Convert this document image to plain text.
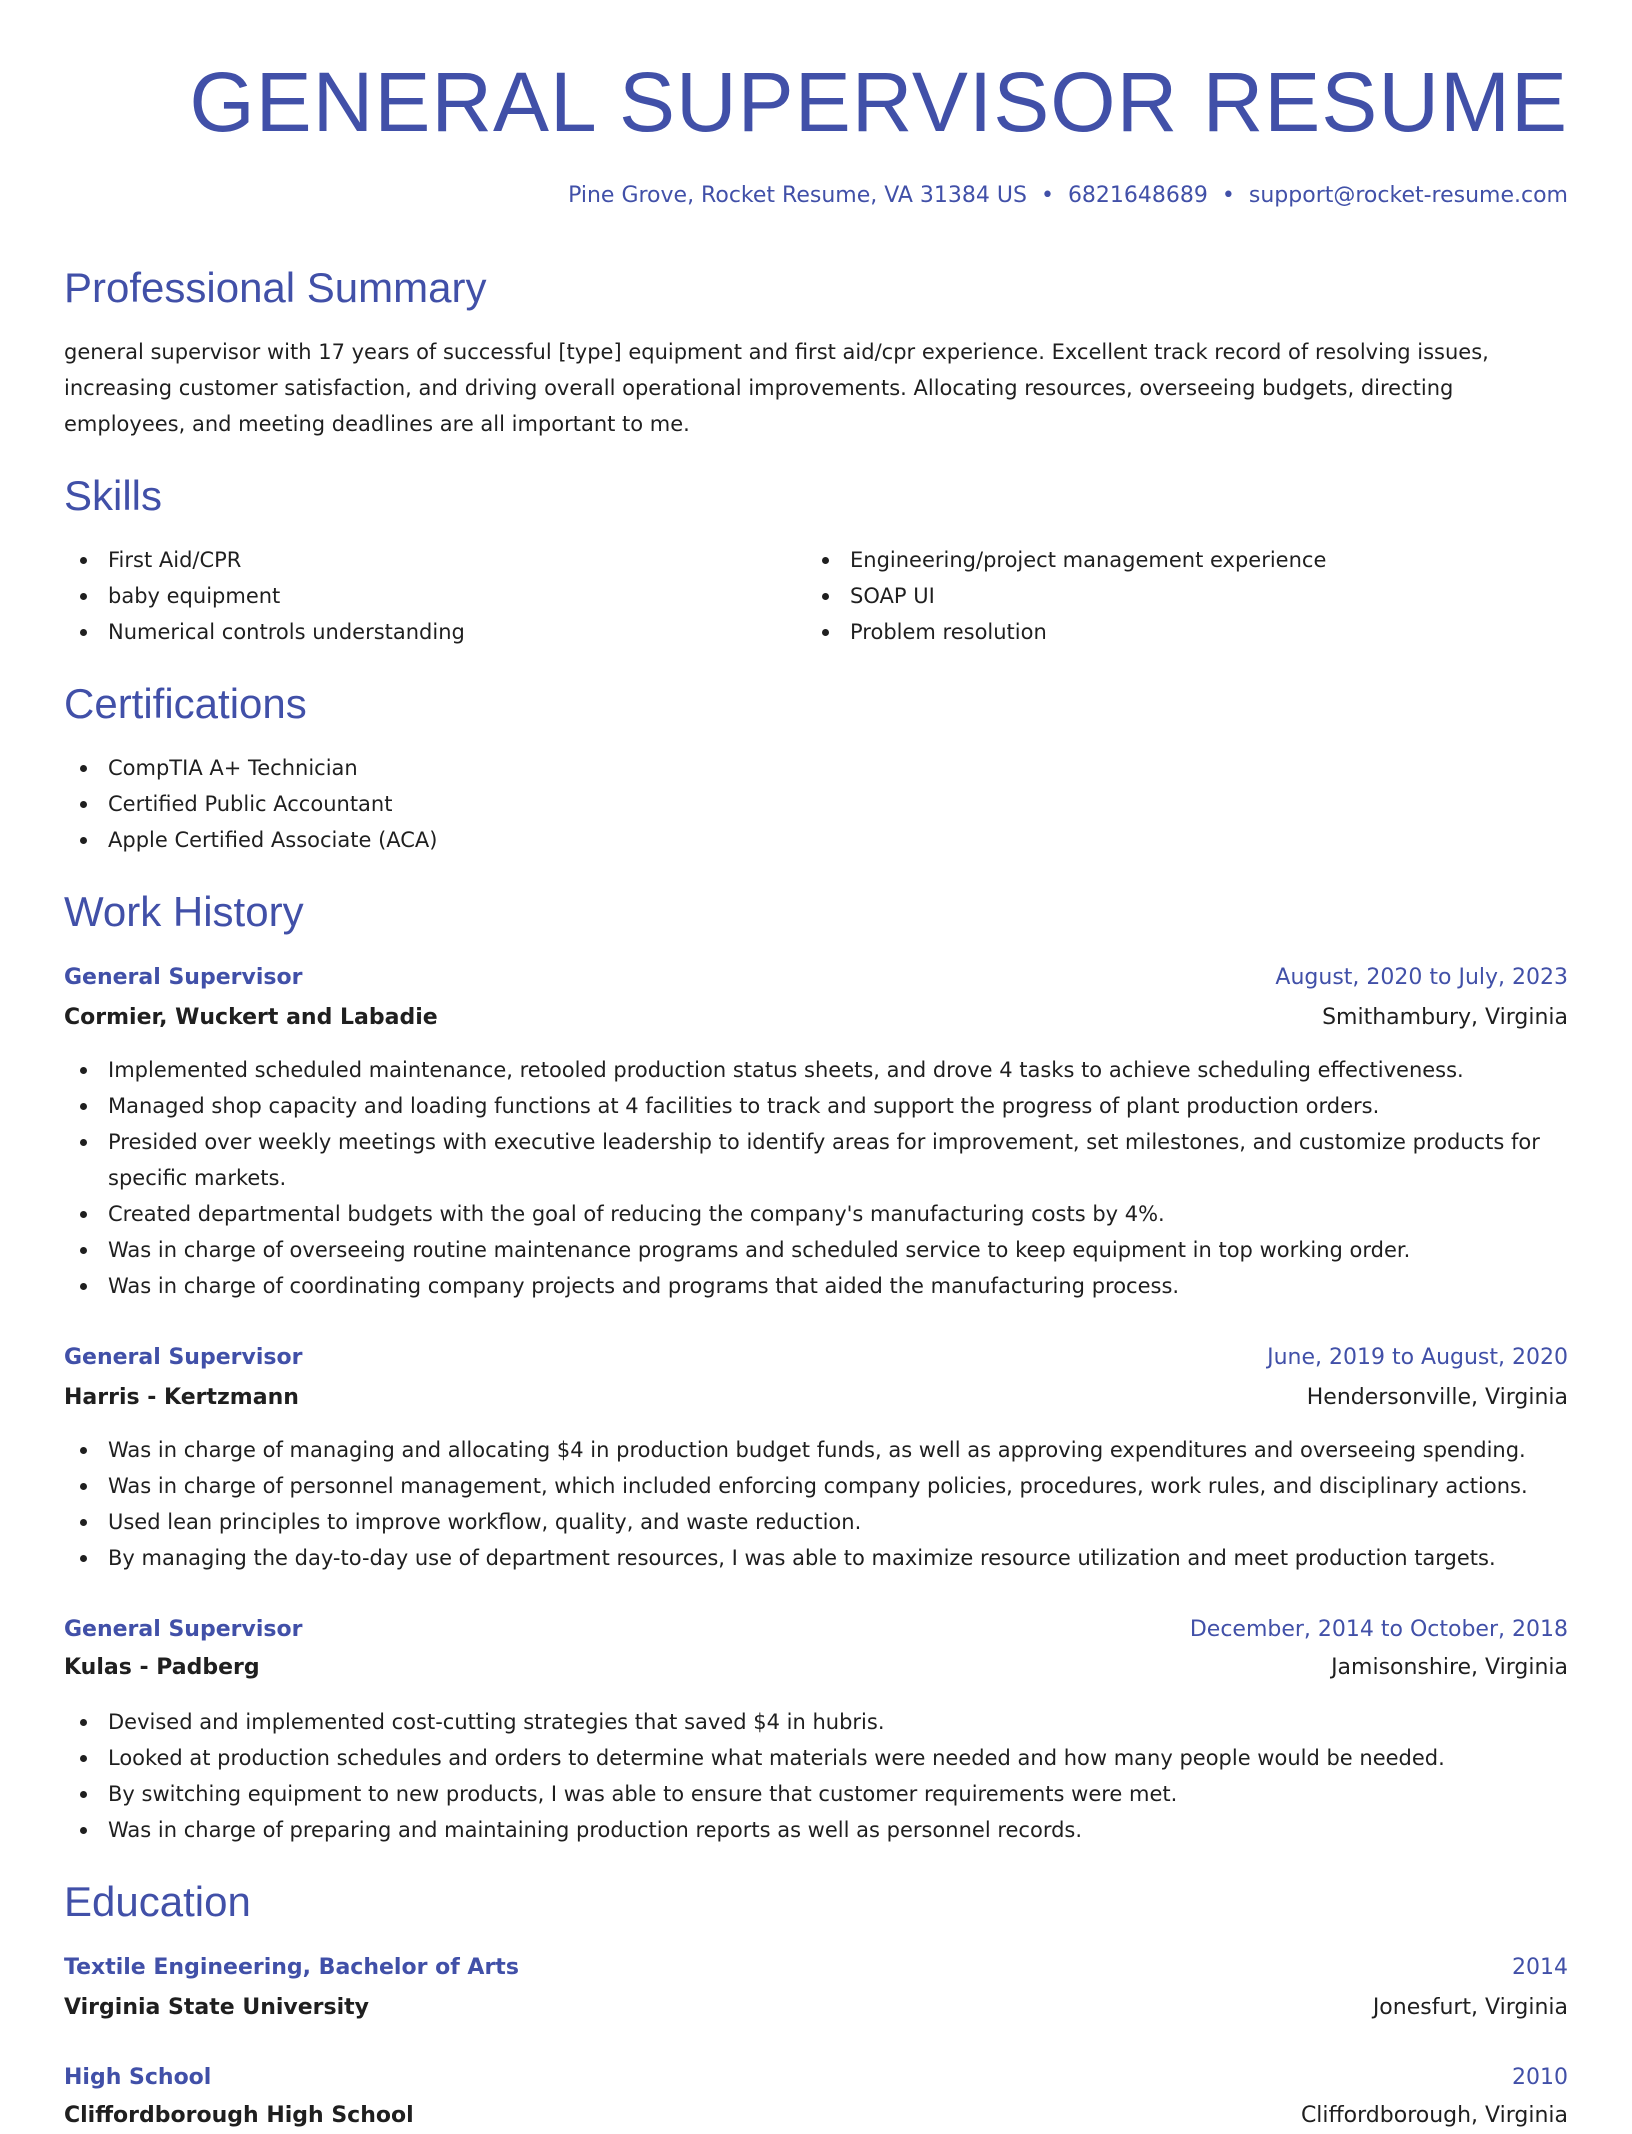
GENERAL SUPERVISOR RESUME
Pine Grove, Rocket Resume, VA 31384 US • 6821648689 • support@rocket-resume.com
Professional Summary
general supervisor with 17 years of successful [type] equipment and first aid/cpr experience. Excellent track record of resolving issues, increasing customer satisfaction, and driving overall operational improvements. Allocating resources, overseeing budgets, directing employees, and meeting deadlines are all important to me.
Skills
First Aid/CPR
baby equipment
Numerical controls understanding
Engineering/project management experience
SOAP UI
Problem resolution
Certifications
CompTIA A+ Technician
Certified Public Accountant
Apple Certified Associate (ACA)
Work History
General Supervisor	August, 2020 to July, 2023
Cormier, Wuckert and Labadie	Smithambury, Virginia
Implemented scheduled maintenance, retooled production status sheets, and drove 4 tasks to achieve scheduling effectiveness.
Managed shop capacity and loading functions at 4 facilities to track and support the progress of plant production orders.
Presided over weekly meetings with executive leadership to identify areas for improvement, set milestones, and customize products for specific markets.
Created departmental budgets with the goal of reducing the company's manufacturing costs by 4%.
Was in charge of overseeing routine maintenance programs and scheduled service to keep equipment in top working order.
Was in charge of coordinating company projects and programs that aided the manufacturing process.
General Supervisor	June, 2019 to August, 2020
Harris - Kertzmann	Hendersonville, Virginia
Was in charge of managing and allocating $4 in production budget funds, as well as approving expenditures and overseeing spending.
Was in charge of personnel management, which included enforcing company policies, procedures, work rules, and disciplinary actions.
Used lean principles to improve workflow, quality, and waste reduction.
By managing the day-to-day use of department resources, I was able to maximize resource utilization and meet production targets.
General Supervisor	December, 2014 to October, 2018
Kulas - Padberg	Jamisonshire, Virginia
Devised and implemented cost-cutting strategies that saved $4 in hubris.
Looked at production schedules and orders to determine what materials were needed and how many people would be needed.
By switching equipment to new products, I was able to ensure that customer requirements were met.
Was in charge of preparing and maintaining production reports as well as personnel records.
Education
Textile Engineering, Bachelor of Arts	2014
Virginia State University	Jonesfurt, Virginia
High School	2010
Cliffordborough High School	Cliffordborough, Virginia
